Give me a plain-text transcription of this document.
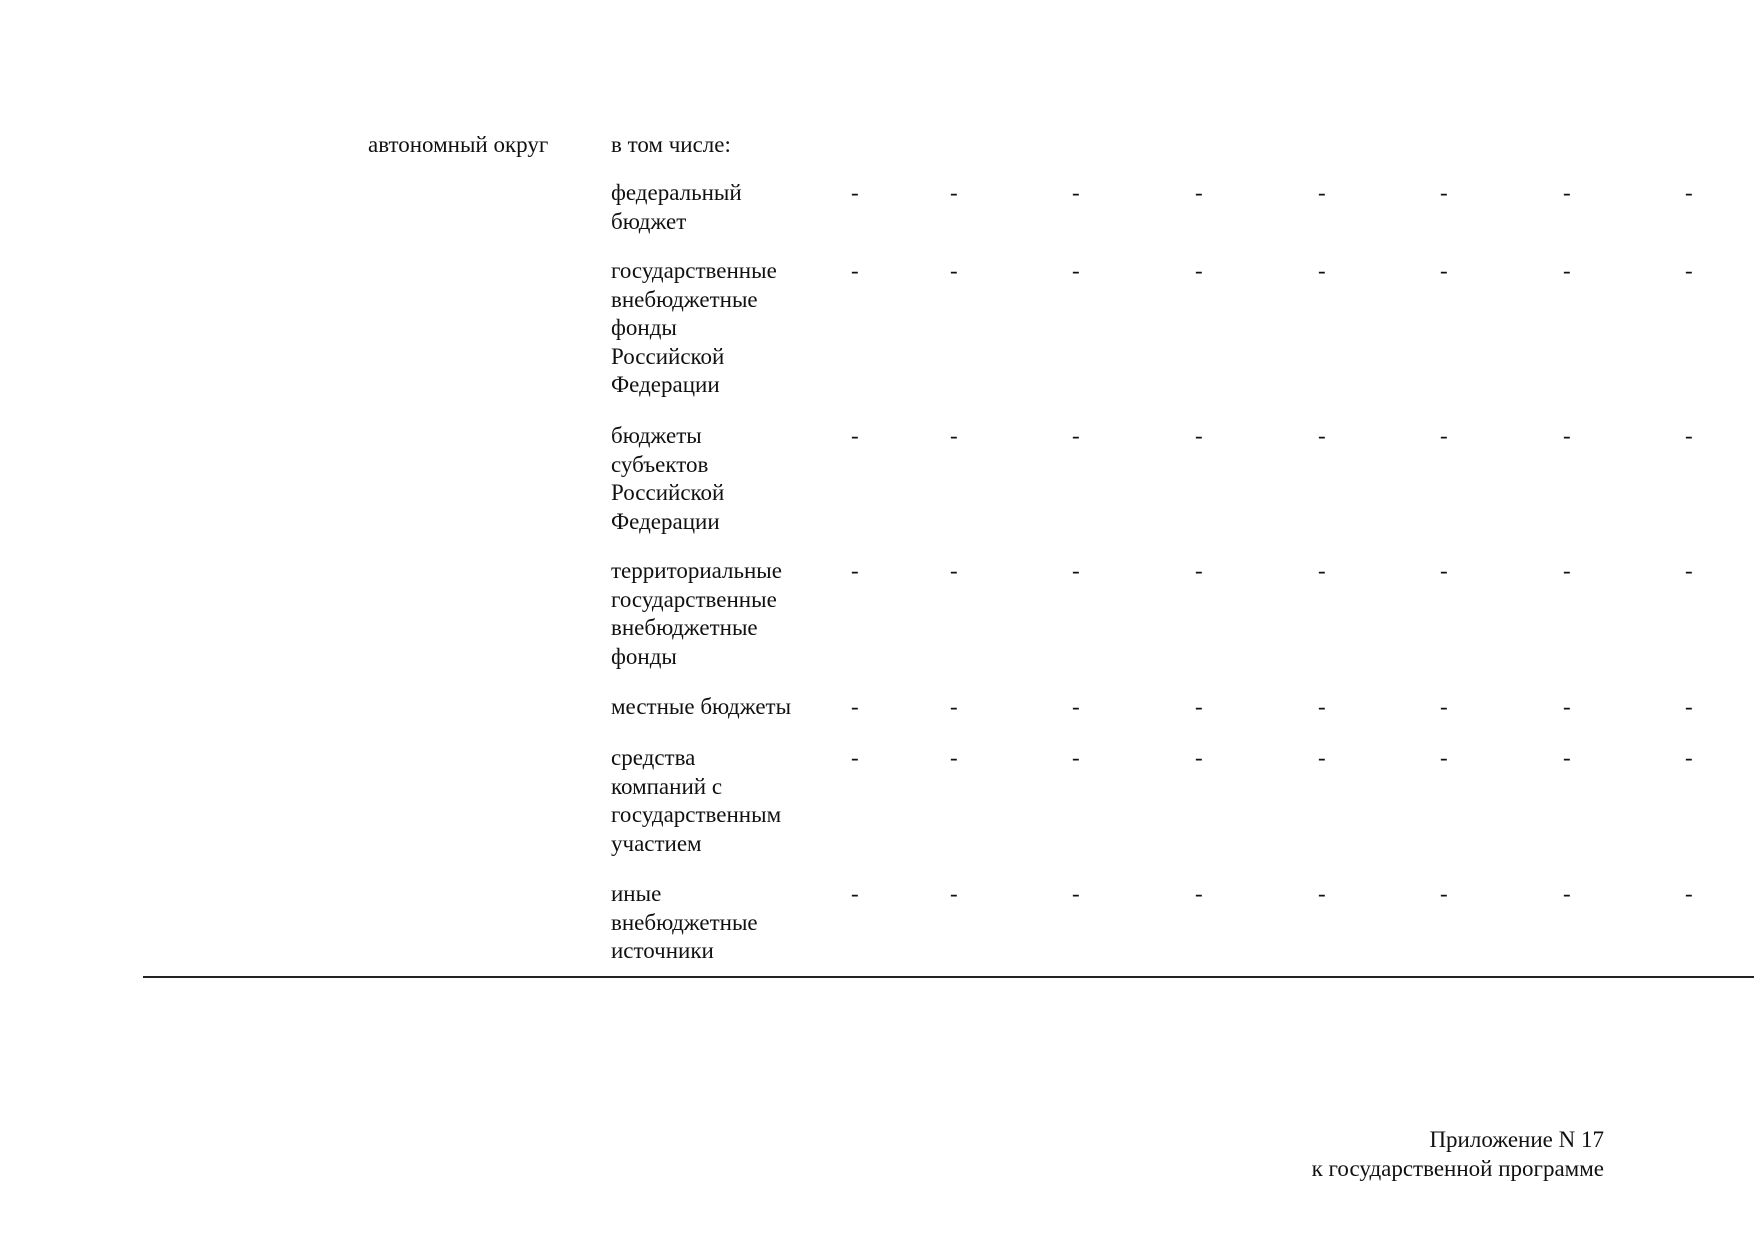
автономный округ	в том числе:
федеральный
бюджет
-	-	-	-	-	-	-	-
государственные
внебюджетные
фонды
Российской
Федерации
-	-	-	-	-	-	-	-
бюджеты
субъектов
Российской
Федерации
-	-	-	-	-	-	-	-
территориальные
государственные
внебюджетные
фонды
-	-	-	-	-	-	-	-
местные бюджеты	-	-	-	-	-	-	-	-
средства
компаний с
государственным
участием
-	-	-	-	-	-	-	-
иные
внебюджетные
источники
-	-	-	-	-	-	-	-
Приложение N 17
к государственной программе
